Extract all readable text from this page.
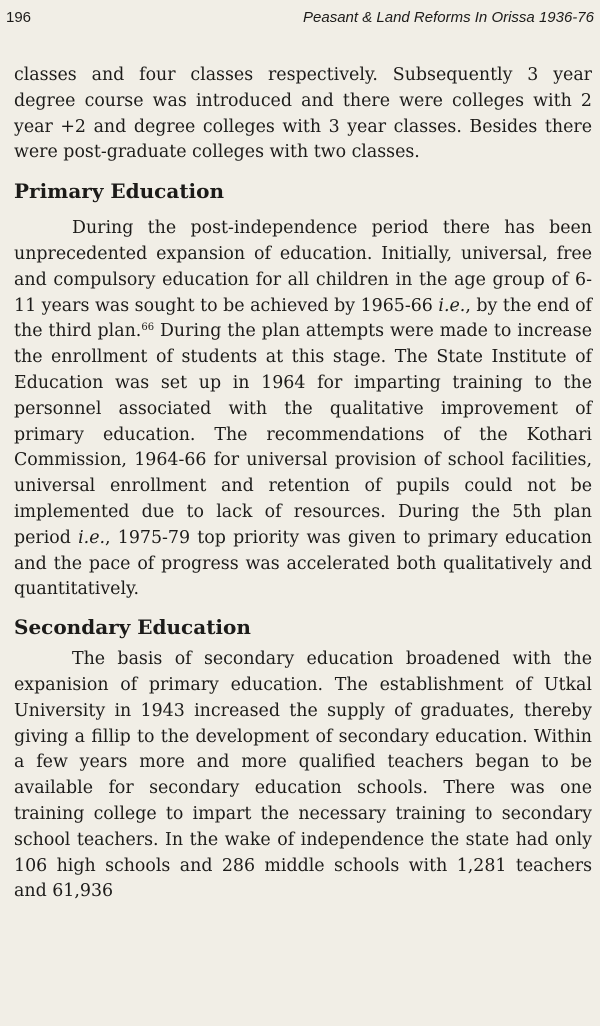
196	Peasant & Land Reforms In Orissa 1936-76

classes and four classes respectively. Subsequently 3 year degree course was introduced and there were colleges with 2 year +2 and degree colleges with 3 year classes. Besides there were post-graduate colleges with two classes.

Primary Education

During the post-independence period there has been unprecedented expansion of education. Initially, universal, free and compulsory education for all children in the age group of 6-11 years was sought to be achieved by 1965-66 i.e., by the end of the third plan.$^{66}$ During the plan attempts were made to increase the enrollment of students at this stage. The State Institute of Education was set up in 1964 for imparting training to the personnel associated with the qualitative improvement of primary education. The recommendations of the Kothari Commission, 1964-66 for universal provision of school facilities, universal enrollment and retention of pupils could not be implemented due to lack of resources. During the 5th plan period i.e., 1975-79 top priority was given to primary education and the pace of progress was accelerated both qualitatively and quantitatively.

Secondary Education

The basis of secondary education broadened with the expanision of primary education. The establishment of Utkal University in 1943 increased the supply of graduates, thereby giving a fillip to the development of secondary education. Within a few years more and more qualified teachers began to be available for secondary education schools. There was one training college to impart the necessary training to secondary school teachers. In the wake of independence the state had only 106 high schools and 286 middle schools with 1,281 teachers and 61,936
